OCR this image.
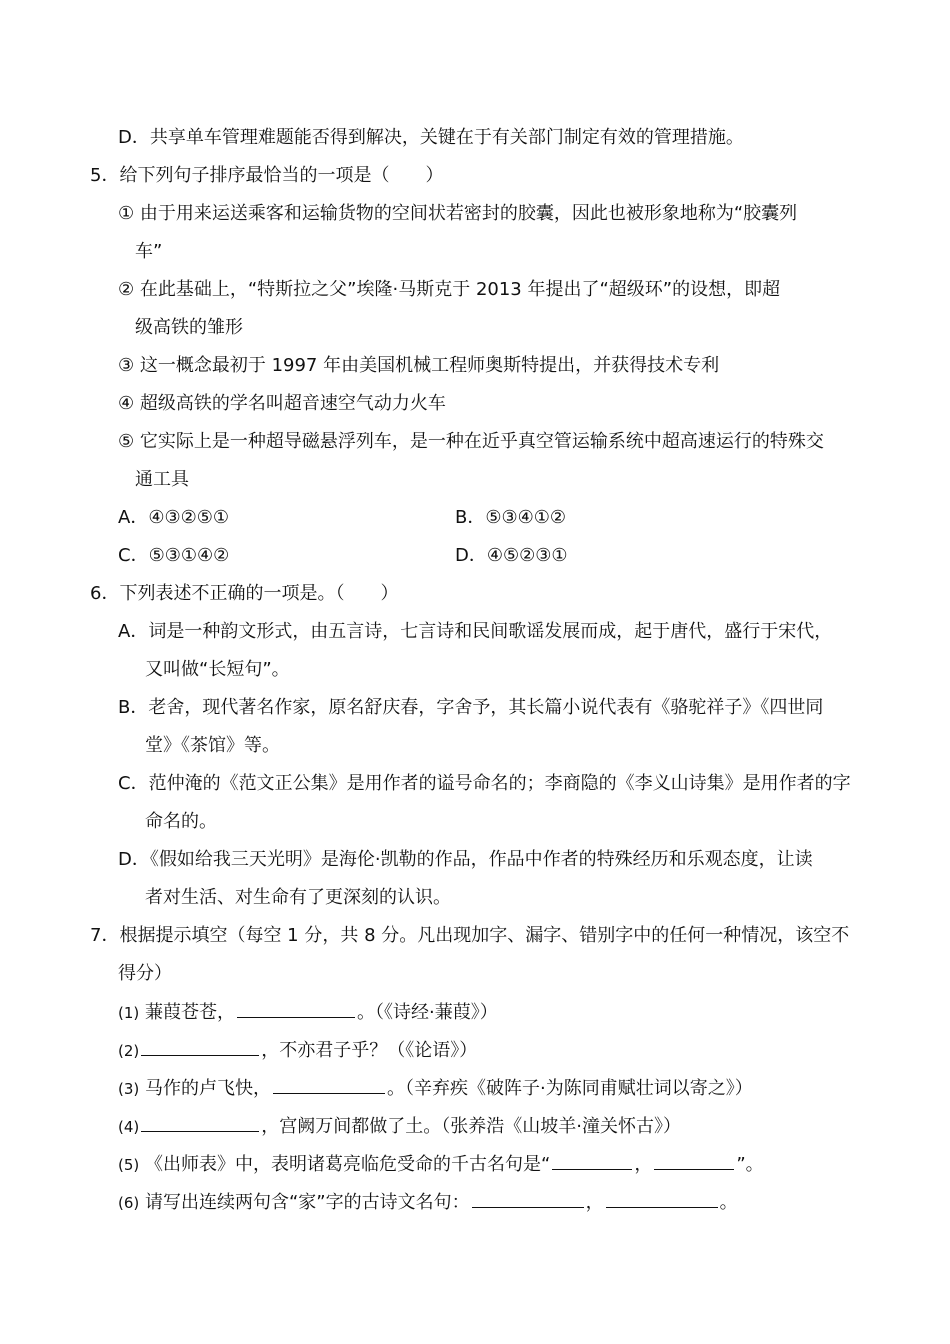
D．共享单车管理难题能否得到解决，关键在于有关部门制定有效的管理措施。
5．给下列句子排序最恰当的一项是（　　）
① 由于用来运送乘客和运输货物的空间状若密封的胶囊，因此也被形象地称为“胶囊列
车”
② 在此基础上，“特斯拉之父”埃隆·马斯克于 2013 年提出了“超级环”的设想，即超
级高铁的雏形
③ 这一概念最初于 1997 年由美国机械工程师奥斯特提出，并获得技术专利
④ 超级高铁的学名叫超音速空气动力火车
⑤ 它实际上是一种超导磁悬浮列车，是一种在近乎真空管运输系统中超高速运行的特殊交
通工具
A．④③②⑤①	B．⑤③④①②
C．⑤③①④②	D．④⑤②③①
6．下列表述不正确的一项是。（　　）
A．词是一种韵文形式，由五言诗，七言诗和民间歌谣发展而成，起于唐代，盛行于宋代，
又叫做“长短句”。
B．老舍，现代著名作家，原名舒庆春，字舍予，其长篇小说代表有《骆驼祥子》《四世同
堂》《茶馆》等。
C．范仲淹的《范文正公集》是用作者的谥号命名的；李商隐的《李义山诗集》是用作者的字
命名的。
D．《假如给我三天光明》是海伦·凯勒的作品，作品中作者的特殊经历和乐观态度，让读
者对生活、对生命有了更深刻的认识。
7．根据提示填空（每空 1 分，共 8 分。凡出现加字、漏字、错别字中的任何一种情况，该空不
得分）
(1) 蒹葭苍苍，	。（《诗经·蒹葭》）
(2)	，不亦君子乎？（《论语》）
(3) 马作的卢飞快，	。（辛弃疾《破阵子·为陈同甫赋壮词以寄之》）
(4)	，宫阙万间都做了土。（张养浩《山坡羊·潼关怀古》）
(5) 《出师表》中，表明诸葛亮临危受命的千古名句是“	，	”。
(6) 请写出连续两句含“家”字的古诗文名句：	，	。
